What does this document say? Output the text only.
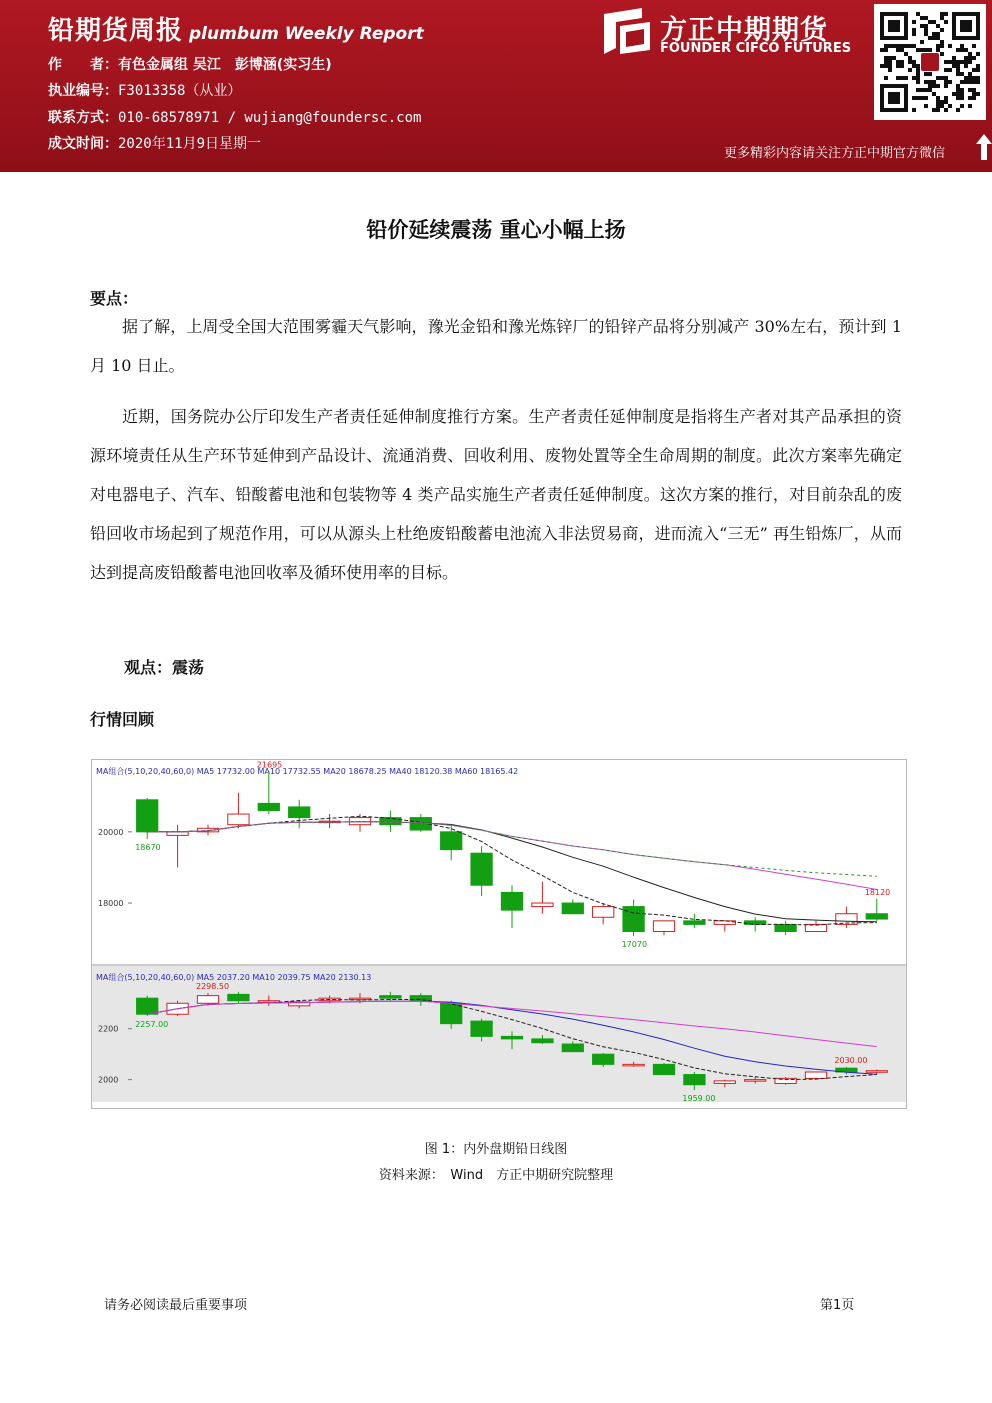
铅期货周报 plumbum Weekly Report
作　　者：有色金属组 吴江　彭博涵(实习生)
执业编号：F3013358（从业）
联系方式：010-68578971 / wujiang@foundersc.com
成文时间：2020年11月9日星期一
方正中期期货
FOUNDER CIFCO FUTURES
更多精彩内容请关注方正中期官方微信
铅价延续震荡 重心小幅上扬
要点：

据了解，上周受全国大范围雾霾天气影响，豫光金铅和豫光炼锌厂的铅锌产品将分别减产 30%左右，预计到 1 月 10 日止。

近期，国务院办公厅印发生产者责任延伸制度推行方案。生产者责任延伸制度是指将生产者对其产品承担的资源环境责任从生产环节延伸到产品设计、流通消费、回收利用、废物处置等全生命周期的制度。此次方案率先确定对电器电子、汽车、铅酸蓄电池和包装物等 4 类产品实施生产者责任延伸制度。这次方案的推行，对目前杂乱的废铅回收市场起到了规范作用，可以从源头上杜绝废铅酸蓄电池流入非法贸易商，进而流入“三无” 再生铅炼厂，从而达到提高废铅酸蓄电池回收率及循环使用率的目标。

观点：震荡
行情回顾
MA组合(5,10,20,40,60,0) MA5 17732.00 MA10 17732.55 MA20 18678.25 MA40 18120.38 MA60 18165.42
20000
18000
21695
18670
17070
18120
MA组合(5,10,20,40,60,0) MA5 2037.20 MA10 2039.75 MA20 2130.13
2200
2000
2298.50
2257.00
2030.00
1959.00
图 1：内外盘期铅日线图
资料来源：　Wind　方正中期研究院整理
请务必阅读最后重要事项	第1页
